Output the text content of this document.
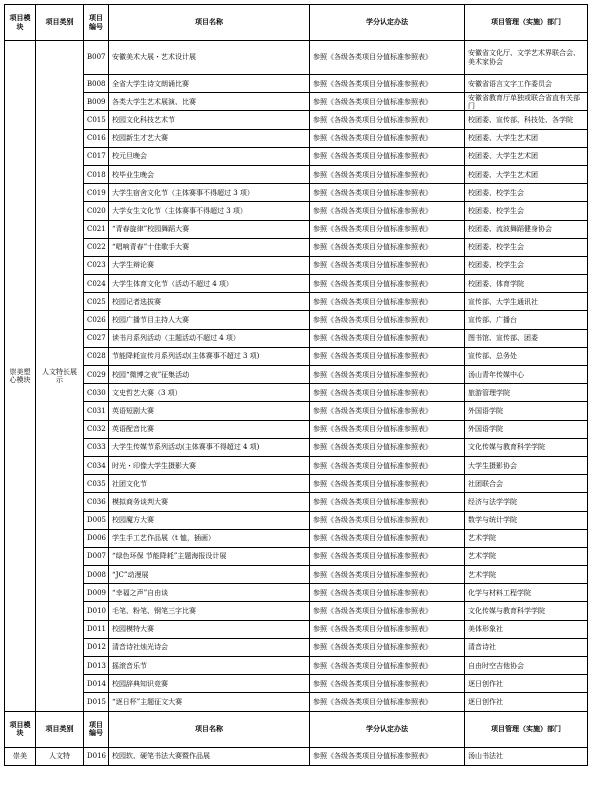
项目模块	项目类别	项目编号	项目名称	学分认定办法	项目管理（实施）部门
崇美塑心模块	人文特长展示	B007	安徽美术大展・艺术设计展	参照《各级各类项目分值标准参照表》	安徽省文化厅、文学艺术界联合会、美术家协会
		B008	全省大学生诗文朗诵比赛	参照《各级各类项目分值标准参照表》	安徽省语言文字工作委员会
		B009	各类大学生艺术展演、比赛	参照《各级各类项目分值标准参照表》	安徽省教育厅单独或联合省直有关部门
		C015	校园文化科技艺术节	参照《各级各类项目分值标准参照表》	校团委、宣传部、科技处、各学院
		C016	校园新生才艺大赛	参照《各级各类项目分值标准参照表》	校团委、大学生艺术团
		C017	校元旦晚会	参照《各级各类项目分值标准参照表》	校团委、大学生艺术团
		C018	校毕业生晚会	参照《各级各类项目分值标准参照表》	校团委、大学生艺术团
		C019	大学生宿舍文化节（主体赛事不得超过 3 项）	参照《各级各类项目分值标准参照表》	校团委、校学生会
		C020	大学女生文化节（主体赛事不得超过 3 项）	参照《各级各类项目分值标准参照表》	校团委、校学生会
		C021	“青春旋律”校园舞蹈大赛	参照《各级各类项目分值标准参照表》	校团委、流波舞蹈健身协会
		C022	“唱响青春”十佳歌手大赛	参照《各级各类项目分值标准参照表》	校团委、校学生会
		C023	大学生辩论赛	参照《各级各类项目分值标准参照表》	校团委、校学生会
		C024	大学生体育文化节（活动不超过 4 项）	参照《各级各类项目分值标准参照表》	校团委、体育学院
		C025	校园记者选拔赛	参照《各级各类项目分值标准参照表》	宣传部、大学生通讯社
		C026	校园广播节目主持人大赛	参照《各级各类项目分值标准参照表》	宣传部、广播台
		C027	读书月系列活动（主题活动不超过 4 项）	参照《各级各类项目分值标准参照表》	图书馆、宣传部、团委
		C028	节能降耗宣传月系列活动(主体赛事不超过 3 项)	参照《各级各类项目分值标准参照表》	宣传部、总务处
		C029	校园“微博之夜”征集活动	参照《各级各类项目分值标准参照表》	汤山青年传媒中心
		C030	文史哲艺大赛（3 项）	参照《各级各类项目分值标准参照表》	旅游管理学院
		C031	英语短剧大赛	参照《各级各类项目分值标准参照表》	外国语学院
		C032	英语配音比赛	参照《各级各类项目分值标准参照表》	外国语学院
		C033	大学生传媒节系列活动(主体赛事不得超过 4 项)	参照《各级各类项目分值标准参照表》	文化传媒与教育科学学院
		C034	时光・印像大学生摄影大赛	参照《各级各类项目分值标准参照表》	大学生摄影协会
		C035	社团文化节	参照《各级各类项目分值标准参照表》	社团联合会
		C036	模拟商务谈判大赛	参照《各级各类项目分值标准参照表》	经济与法学学院
		D005	校园魔方大赛	参照《各级各类项目分值标准参照表》	数学与统计学院
		D006	学生手工艺作品展（t 恤，插画）	参照《各级各类项目分值标准参照表》	艺术学院
		D007	“绿色环保 节能降耗”主题海报设计展	参照《各级各类项目分值标准参照表》	艺术学院
		D008	“JC”动漫展	参照《各级各类项目分值标准参照表》	艺术学院
		D009	“幸福之声”自由谈	参照《各级各类项目分值标准参照表》	化学与材料工程学院
		D010	毛笔、粉笔、钢笔三字比赛	参照《各级各类项目分值标准参照表》	文化传媒与教育科学学院
		D011	校园模特大赛	参照《各级各类项目分值标准参照表》	美体形象社
		D012	清音诗社烛光诗会	参照《各级各类项目分值标准参照表》	清音诗社
		D013	摇滚音乐节	参照《各级各类项目分值标准参照表》	自由时空吉他协会
		D014	校园辞典知识竞赛	参照《各级各类项目分值标准参照表》	逐日创作社
		D015	“逐日杯”主题征文大赛	参照《各级各类项目分值标准参照表》	逐日创作社
项目模块	项目类别	项目编号	项目名称	学分认定办法	项目管理（实施）部门
崇美	人文特	D016	校园软、硬笔书法大赛暨作品展	参照《各级各类项目分值标准参照表》	汤山书法社
